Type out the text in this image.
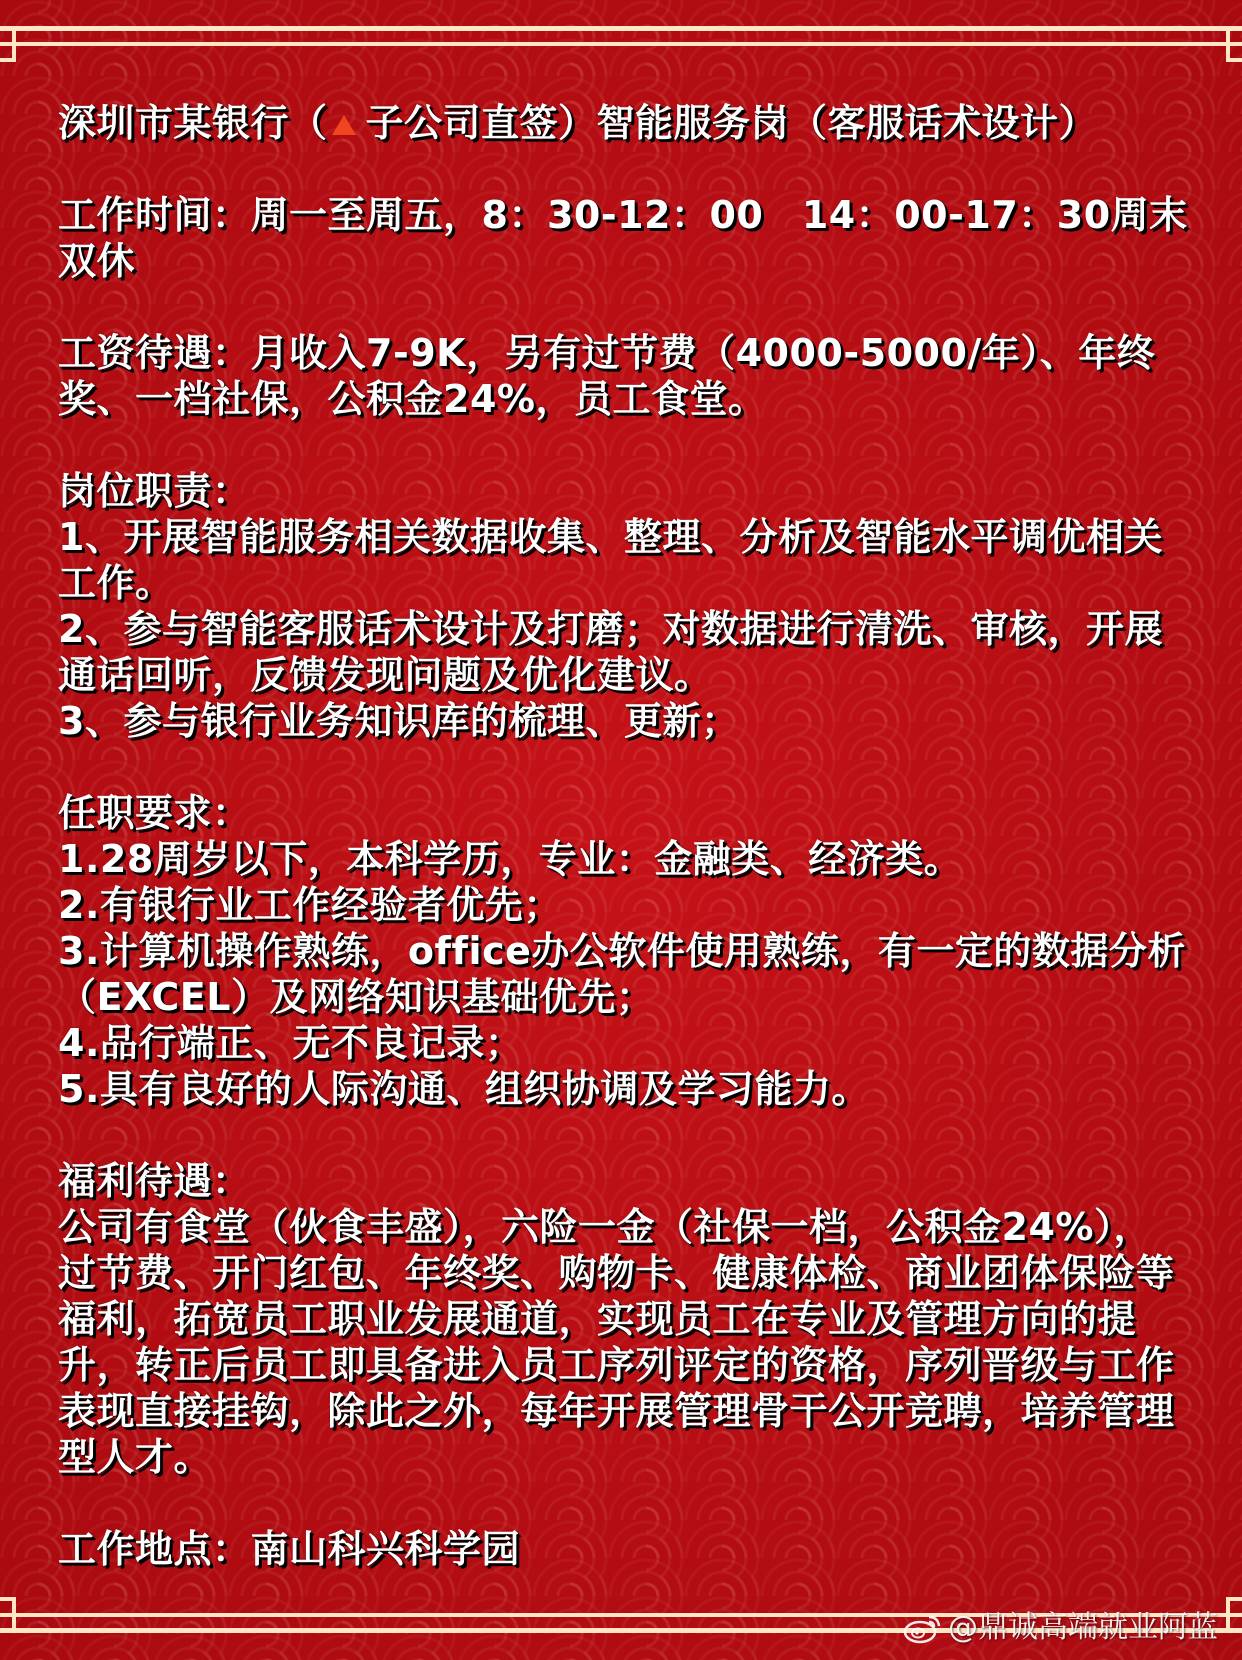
深圳市某银行（ 子公司直签）智能服务岗（客服话术设计）

工作时间：周一至周五，8：30-12：00　14：00-17：30周末双休

工资待遇：月收入7-9K，另有过节费（4000-5000/年）、年终奖、一档社保，公积金24%，员工食堂。

岗位职责：

1、开展智能服务相关数据收集、整理、分析及智能水平调优相关工作。

2、参与智能客服话术设计及打磨；对数据进行清洗、审核，开展通话回听，反馈发现问题及优化建议。

3、参与银行业务知识库的梳理、更新；

任职要求：

1.28周岁以下，本科学历，专业：金融类、经济类。

2.有银行业工作经验者优先；

3.计算机操作熟练，office办公软件使用熟练，有一定的数据分析（EXCEL）及网络知识基础优先；

4.品行端正、无不良记录；

5.具有良好的人际沟通、组织协调及学习能力。

福利待遇：

公司有食堂（伙食丰盛），六险一金（社保一档，公积金24%），过节费、开门红包、年终奖、购物卡、健康体检、商业团体保险等福利，拓宽员工职业发展通道，实现员工在专业及管理方向的提升，转正后员工即具备进入员工序列评定的资格，序列晋级与工作表现直接挂钩，除此之外，每年开展管理骨干公开竞聘，培养管理型人才。

工作地点：南山科兴科学园

@鼎诚高端就业阿蓝
